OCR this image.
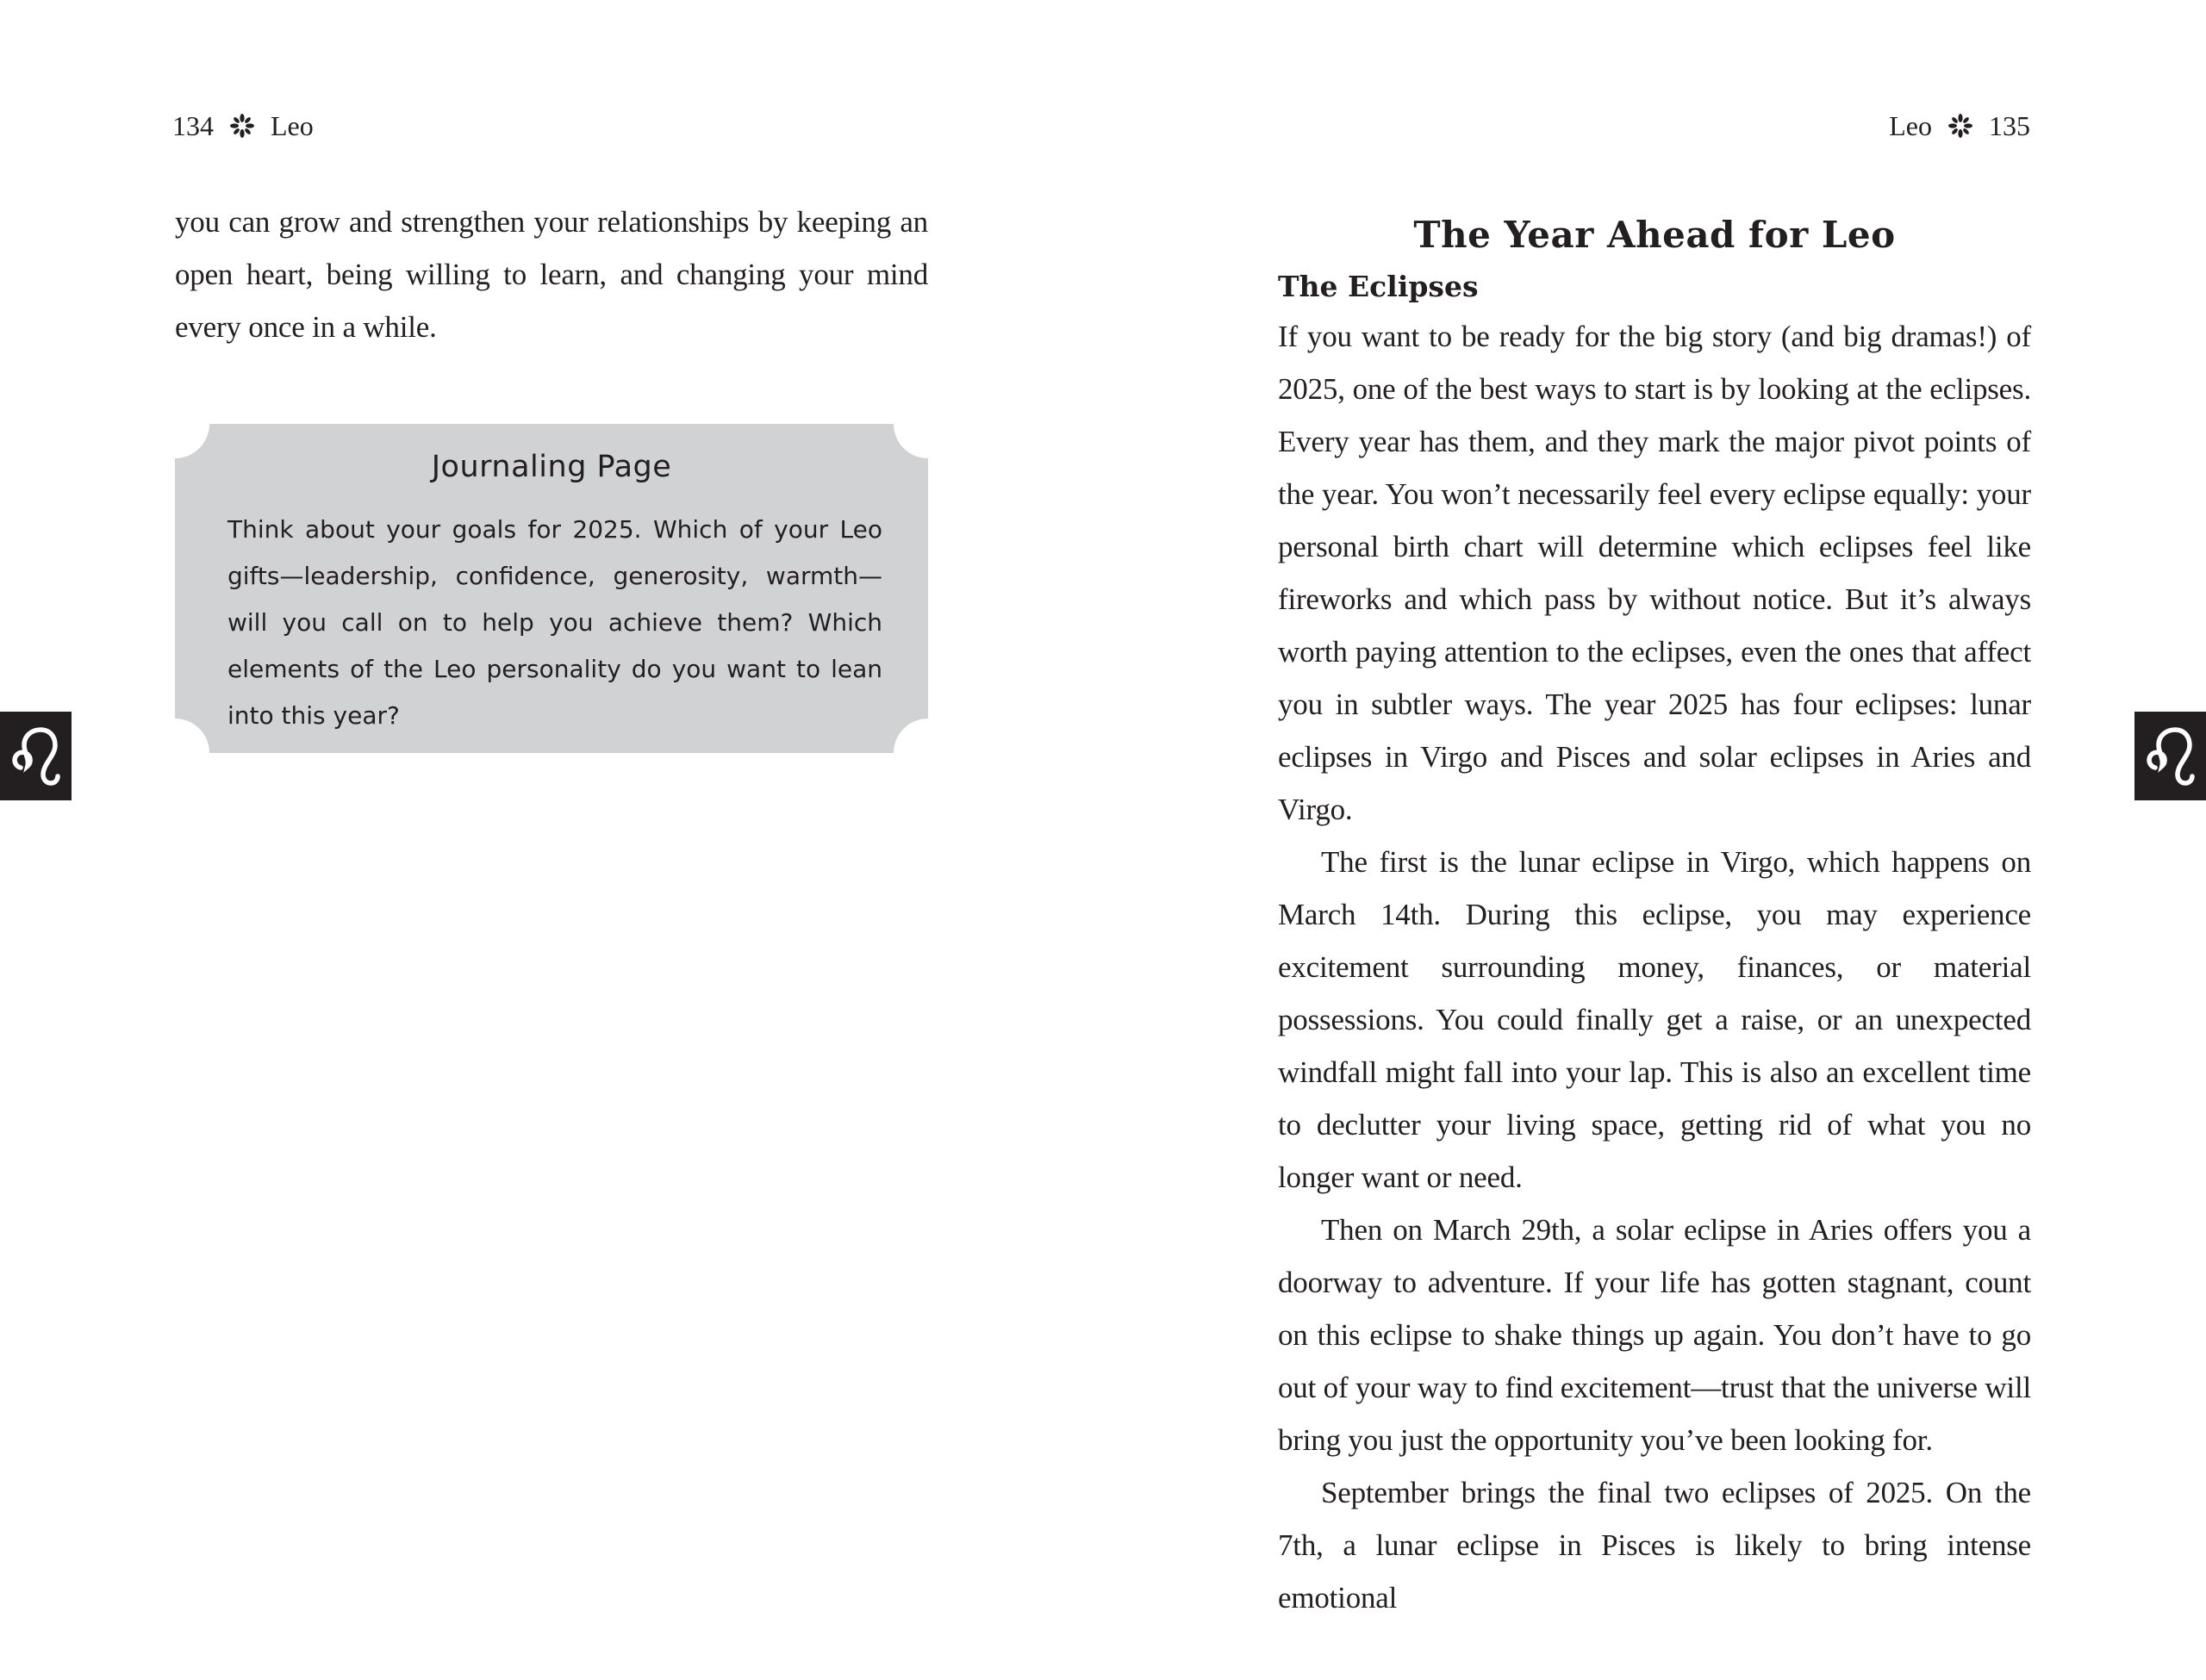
134 Leo

you can grow and strengthen your relationships by keeping an open heart, being willing to learn, and changing your mind every once in a while.

Journaling Page

Think about your goals for 2025. Which of your Leo gifts—leadership, confidence, generosity, warmth—will you call on to help you achieve them? Which elements of the Leo personality do you want to lean into this year?

Leo 135
The Year Ahead for Leo
The Eclipses

If you want to be ready for the big story (and big dramas!) of 2025, one of the best ways to start is by looking at the eclipses. Every year has them, and they mark the major pivot points of the year. You won’t necessarily feel every eclipse equally: your personal birth chart will determine which eclipses feel like fireworks and which pass by without notice. But it’s always worth paying attention to the eclipses, even the ones that affect you in subtler ways. The year 2025 has four eclipses: lunar eclipses in Virgo and Pisces and solar eclipses in Aries and Virgo.

The first is the lunar eclipse in Virgo, which happens on March 14th. During this eclipse, you may experience excitement surrounding money, finances, or material possessions. You could finally get a raise, or an unexpected windfall might fall into your lap. This is also an excellent time to declutter your living space, getting rid of what you no longer want or need.

Then on March 29th, a solar eclipse in Aries offers you a doorway to adventure. If your life has gotten stagnant, count on this eclipse to shake things up again. You don’t have to go out of your way to find excitement—trust that the universe will bring you just the opportunity you’ve been looking for.

September brings the final two eclipses of 2025. On the 7th, a lunar eclipse in Pisces is likely to bring intense emotional
